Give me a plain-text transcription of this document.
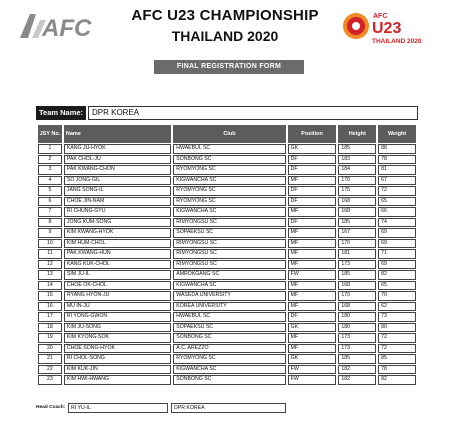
AFC	AFC U23 CHAMPIONSHIP
THAILAND 2020
AFC
U23
THAILAND 2020
FINAL REGISTRATION FORM
Team Name:	DPR KOREA
JSY No.	Name	Club	Position	Height	Weight
1	KANG JU-HYOK	HWAEBUL SC	GK	185	88
2	PAK CHOL-JU	SONBONG SC	DF	183	78
3	PAK KWANG-CHON	RYOMYONG SC	DF	184	81
4	SO JONG-GIL	KIGWANCHA SC	MF	170	67
5	JANG SONG-IL	RYOMYONG SC	DF	175	72
6	CHOE JIN-NAM	RYOMYONG SC	DF	168	65
7	RI CHUNG-GYU	KIGWANCHA SC	MF	168	66
8	JONG KUM-SONG	RIMYONGSU SC	DF	185	74
9	KIM KWANG-HYOK	SOPAEKSU SC	MF	167	69
10	KIM HUM-CHOL	RIMYONGSU SC	MF	170	69
11	PAK KWANG-HUN	RIMYONGSU SC	MF	181	71
12	KANG KUK-CHOL	RIMYONGSU SC	MF	173	69
13	SIM JU-IL	AMROKGANG SC	FW	185	82
14	CHOE OK-CHOL	KIGWANCHA SC	MF	168	65
15	RYANG HYON-JU	WASEDA UNIVERSITY	MF	170	70
16	MU IN-JU	KOREA UNIVERSITY	MF	168	62
17	RI YONG-GWON	HWAEBUL SC	DF	180	73
18	KIM JU-SONG	SOPAEKSU SC	GK	180	80
19	KIM KYONG-SOK	SONBONG SC	MF	173	72
20	CHOE SONG-HYOK	A.C. AREZZO	MF	173	72
21	RI CHOL-SONG	RYOMYONG SC	GK	185	85
22	KIM KUK-JIN	KIGWANCHA SC	FW	182	78
23	KIM HWI-HWANG	SONBONG SC	FW	182	82
Head Coach:	RI YU-IL	DPR KOREA
